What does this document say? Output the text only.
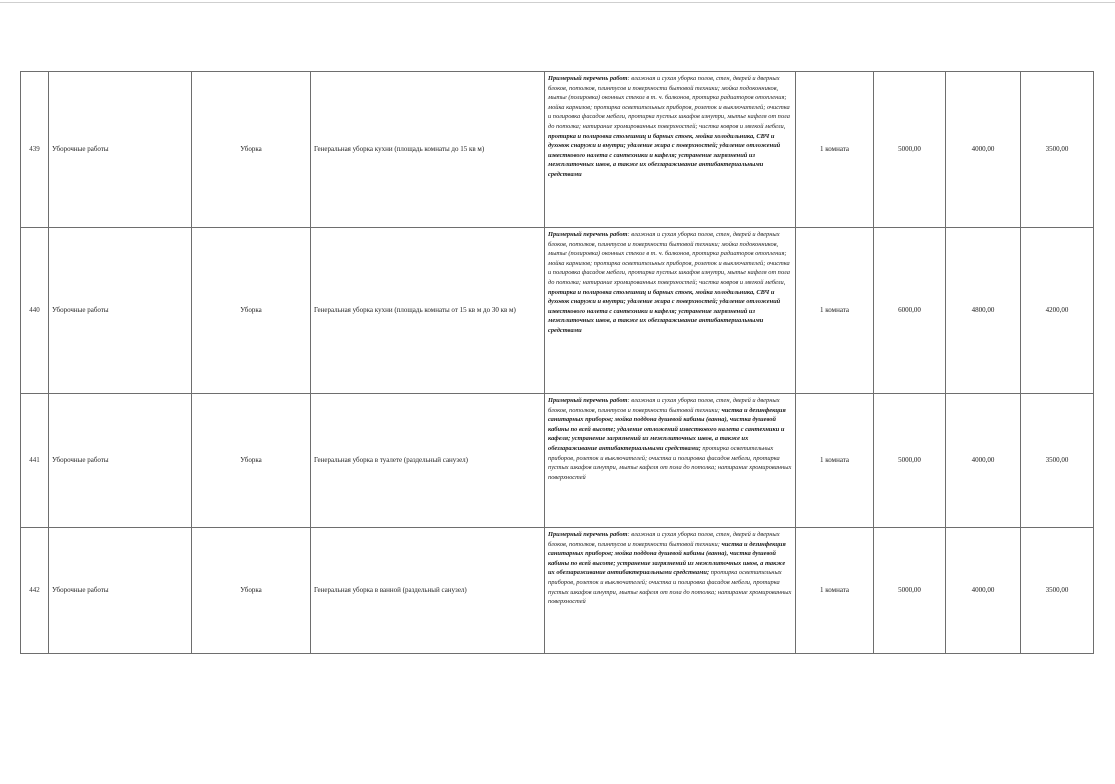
439	Уборочные работы	Уборка	Генеральная уборка кухни (площадь комнаты до 15 кв м)	Примерный перечень работ: влажная и сухая уборка полов, стен, дверей и дверных блоков, потолков, плинтусов и поверхности бытовой техники; мойка подоконников, мытье (полировка) оконных стекол в т. ч. балконов, протирка радиаторов отопления; мойка карнизов; протирка осветительных приборов, розеток и выключателей; очистка и полировка фасадов мебели, протирка пустых шкафов изнутри, мытье кафеля от пола до потолка; натирание хромированных поверхностей; чистка ковров и мягкой мебели, протирка и полировка столешниц и барных стоек, мойка холодильника, СВЧ и духовок снаружи и внутри; удаление жира с поверхностей; удаление отложений известкового налета с сантехники и кафеля; устранение загрязнений из межплиточных швов, а также их обеззараживание антибактериальными средствами	1 комната	5000,00	4000,00	3500,00
440	Уборочные работы	Уборка	Генеральная уборка кухни (площадь комнаты от 15 кв м до 30 кв м)	Примерный перечень работ: влажная и сухая уборка полов, стен, дверей и дверных блоков, потолков, плинтусов и поверхности бытовой техники; мойка подоконников, мытье (полировка) оконных стекол в т. ч. балконов, протирка радиаторов отопления; мойка карнизов; протирка осветительных приборов, розеток и выключателей; очистка и полировка фасадов мебели, протирка пустых шкафов изнутри, мытье кафеля от пола до потолка; натирание хромированных поверхностей; чистка ковров и мягкой мебели, протирка и полировка столешниц и барных стоек, мойка холодильника, СВЧ и духовок снаружи и внутри; удаление жира с поверхностей; удаление отложений известкового налета с сантехники и кафеля; устранение загрязнений из межплиточных швов, а также их обеззараживание антибактериальными средствами	1 комната	6000,00	4800,00	4200,00
441	Уборочные работы	Уборка	Генеральная уборка в туалете (раздельный санузел)	Примерный перечень работ: влажная и сухая уборка полов, стен, дверей и дверных блоков, потолков, плинтусов и поверхности бытовой техники; чистка и дезинфекция санитарных приборов; мойка поддона душевой кабины (ванна), чистка душевой кабины по всей высоте; удаление отложений известкового налета с сантехники и кафеля; устранение загрязнений из межплиточных швов, а также их обеззараживание антибактериальными средствами; протирка осветительных приборов, розеток и выключателей; очистка и полировка фасадов мебели, протирка пустых шкафов изнутри, мытье кафеля от пола до потолка; натирание хромированных поверхностей	1 комната	5000,00	4000,00	3500,00
442	Уборочные работы	Уборка	Генеральная уборка в ванной (раздельный санузел)	Примерный перечень работ: влажная и сухая уборка полов, стен, дверей и дверных блоков, потолков, плинтусов и поверхности бытовой техники; чистка и дезинфекция санитарных приборов; мойка поддона душевой кабины (ванна), чистка душевой кабины по всей высоте; устранение загрязнений из межплиточных швов, а также их обеззараживание антибактериальными средствами; протирка осветительных приборов, розеток и выключателей; очистка и полировка фасадов мебели, протирка пустых шкафов изнутри, мытье кафеля от пола до потолка; натирание хромированных поверхностей	1 комната	5000,00	4000,00	3500,00
